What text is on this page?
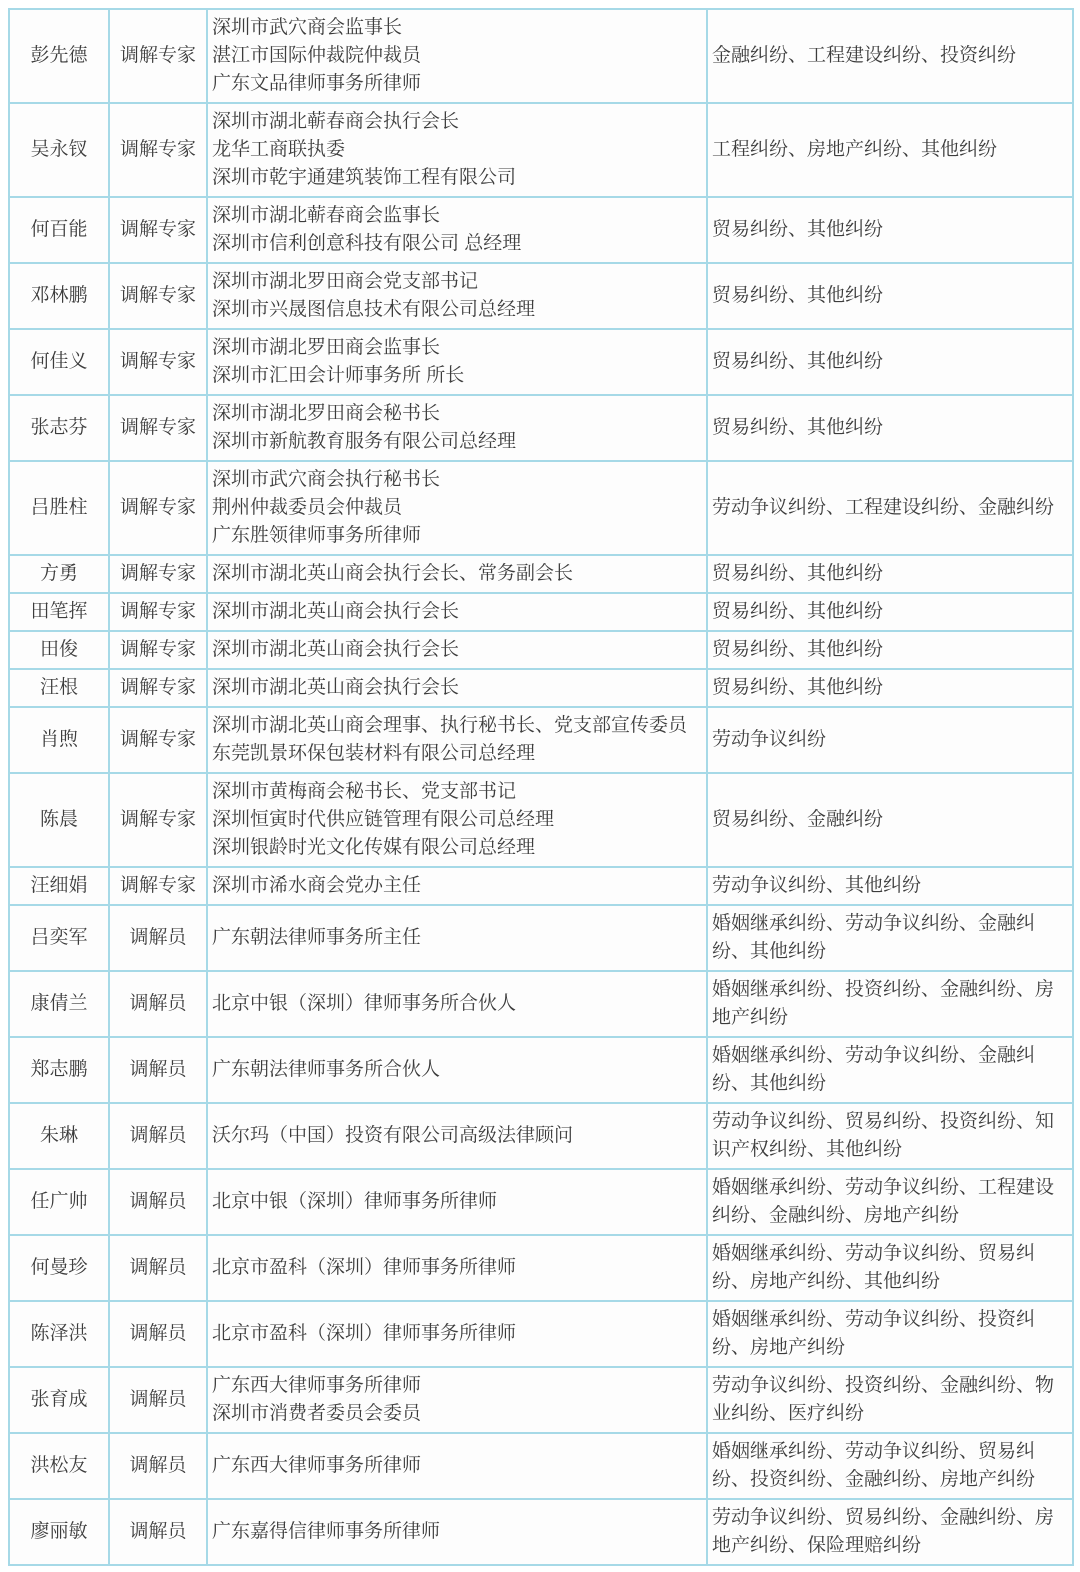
彭先德	调解专家	深圳市武穴商会监事长
湛江市国际仲裁院仲裁员
广东文品律师事务所律师	金融纠纷、工程建设纠纷、投资纠纷
吴永钗	调解专家	深圳市湖北蕲春商会执行会长
龙华工商联执委
深圳市乾宇通建筑装饰工程有限公司	工程纠纷、房地产纠纷、其他纠纷
何百能	调解专家	深圳市湖北蕲春商会监事长
深圳市信利创意科技有限公司 总经理	贸易纠纷、其他纠纷
邓林鹏	调解专家	深圳市湖北罗田商会党支部书记
深圳市兴晟图信息技术有限公司总经理	贸易纠纷、其他纠纷
何佳义	调解专家	深圳市湖北罗田商会监事长
深圳市汇田会计师事务所 所长	贸易纠纷、其他纠纷
张志芬	调解专家	深圳市湖北罗田商会秘书长
深圳市新航教育服务有限公司总经理	贸易纠纷、其他纠纷
吕胜柱	调解专家	深圳市武穴商会执行秘书长
荆州仲裁委员会仲裁员
广东胜领律师事务所律师	劳动争议纠纷、工程建设纠纷、金融纠纷
方勇	调解专家	深圳市湖北英山商会执行会长、常务副会长	贸易纠纷、其他纠纷
田笔挥	调解专家	深圳市湖北英山商会执行会长	贸易纠纷、其他纠纷
田俊	调解专家	深圳市湖北英山商会执行会长	贸易纠纷、其他纠纷
汪根	调解专家	深圳市湖北英山商会执行会长	贸易纠纷、其他纠纷
肖煦	调解专家	深圳市湖北英山商会理事、执行秘书长、党支部宣传委员
东莞凯景环保包装材料有限公司总经理	劳动争议纠纷
陈晨	调解专家	深圳市黄梅商会秘书长、党支部书记
深圳恒寅时代供应链管理有限公司总经理
深圳银龄时光文化传媒有限公司总经理	贸易纠纷、金融纠纷
汪细娟	调解专家	深圳市浠水商会党办主任	劳动争议纠纷、其他纠纷
吕奕军	调解员	广东朝法律师事务所主任	婚姻继承纠纷、劳动争议纠纷、金融纠纷、其他纠纷
康倩兰	调解员	北京中银（深圳）律师事务所合伙人	婚姻继承纠纷、投资纠纷、金融纠纷、房地产纠纷
郑志鹏	调解员	广东朝法律师事务所合伙人	婚姻继承纠纷、劳动争议纠纷、金融纠纷、其他纠纷
朱琳	调解员	沃尔玛（中国）投资有限公司高级法律顾问	劳动争议纠纷、贸易纠纷、投资纠纷、知识产权纠纷、其他纠纷
任广帅	调解员	北京中银（深圳）律师事务所律师	婚姻继承纠纷、劳动争议纠纷、工程建设纠纷、金融纠纷、房地产纠纷
何曼珍	调解员	北京市盈科（深圳）律师事务所律师	婚姻继承纠纷、劳动争议纠纷、贸易纠纷、房地产纠纷、其他纠纷
陈泽洪	调解员	北京市盈科（深圳）律师事务所律师	婚姻继承纠纷、劳动争议纠纷、投资纠纷、房地产纠纷
张育成	调解员	广东西大律师事务所律师
深圳市消费者委员会委员	劳动争议纠纷、投资纠纷、金融纠纷、物业纠纷、医疗纠纷
洪松友	调解员	广东西大律师事务所律师	婚姻继承纠纷、劳动争议纠纷、贸易纠纷、投资纠纷、金融纠纷、房地产纠纷
廖丽敏	调解员	广东嘉得信律师事务所律师	劳动争议纠纷、贸易纠纷、金融纠纷、房地产纠纷、保险理赔纠纷
